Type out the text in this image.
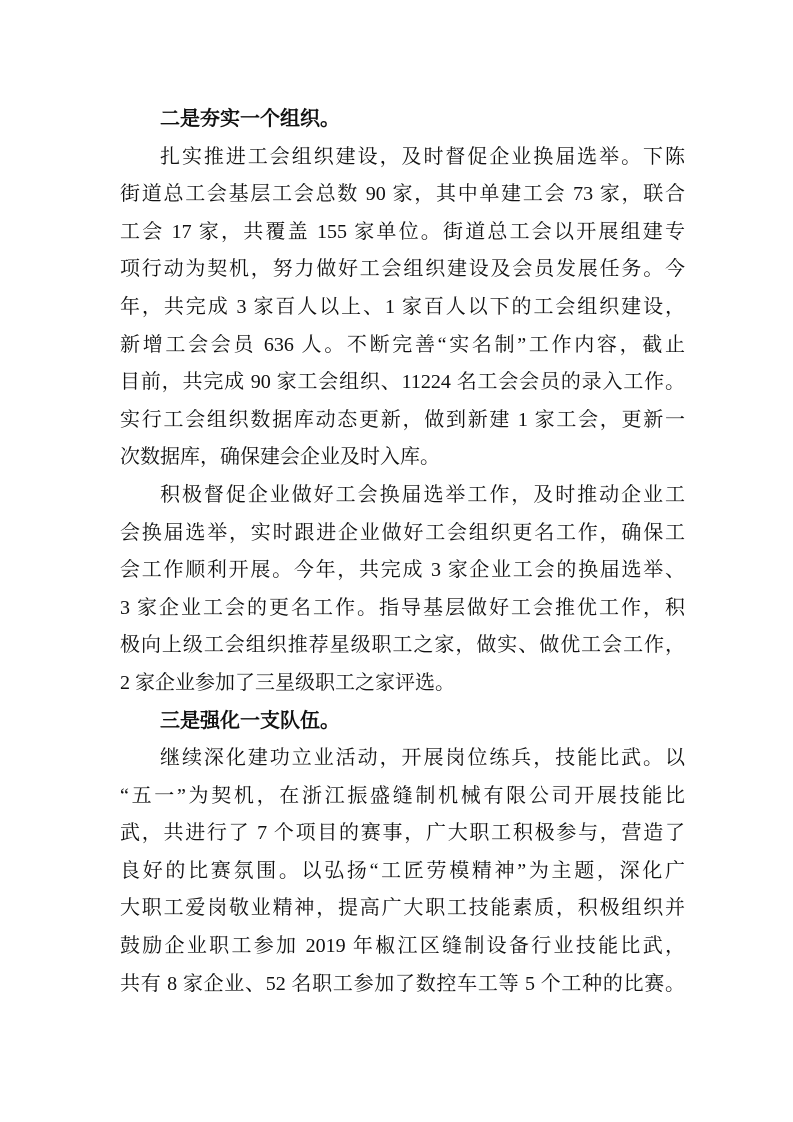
二是夯实一个组织。
扎实推进工会组织建设，及时督促企业换届选举。下陈
街道总工会基层工会总数 90 家，其中单建工会 73 家，联合
工会 17 家，共覆盖 155 家单位。街道总工会以开展组建专
项行动为契机，努力做好工会组织建设及会员发展任务。今
年，共完成 3 家百人以上、1 家百人以下的工会组织建设，
新增工会会员 636 人。不断完善“实名制”工作内容，截止
目前，共完成 90 家工会组织、11224 名工会会员的录入工作。
实行工会组织数据库动态更新，做到新建 1 家工会，更新一
次数据库，确保建会企业及时入库。
积极督促企业做好工会换届选举工作，及时推动企业工
会换届选举，实时跟进企业做好工会组织更名工作，确保工
会工作顺利开展。今年，共完成 3 家企业工会的换届选举、
3 家企业工会的更名工作。指导基层做好工会推优工作，积
极向上级工会组织推荐星级职工之家，做实、做优工会工作，
2 家企业参加了三星级职工之家评选。
三是强化一支队伍。
继续深化建功立业活动，开展岗位练兵，技能比武。以
“五一”为契机，在浙江振盛缝制机械有限公司开展技能比
武，共进行了 7 个项目的赛事，广大职工积极参与，营造了
良好的比赛氛围。以弘扬“工匠劳模精神”为主题，深化广
大职工爱岗敬业精神，提高广大职工技能素质，积极组织并
鼓励企业职工参加 2019 年椒江区缝制设备行业技能比武，
共有 8 家企业、52 名职工参加了数控车工等 5 个工种的比赛。
